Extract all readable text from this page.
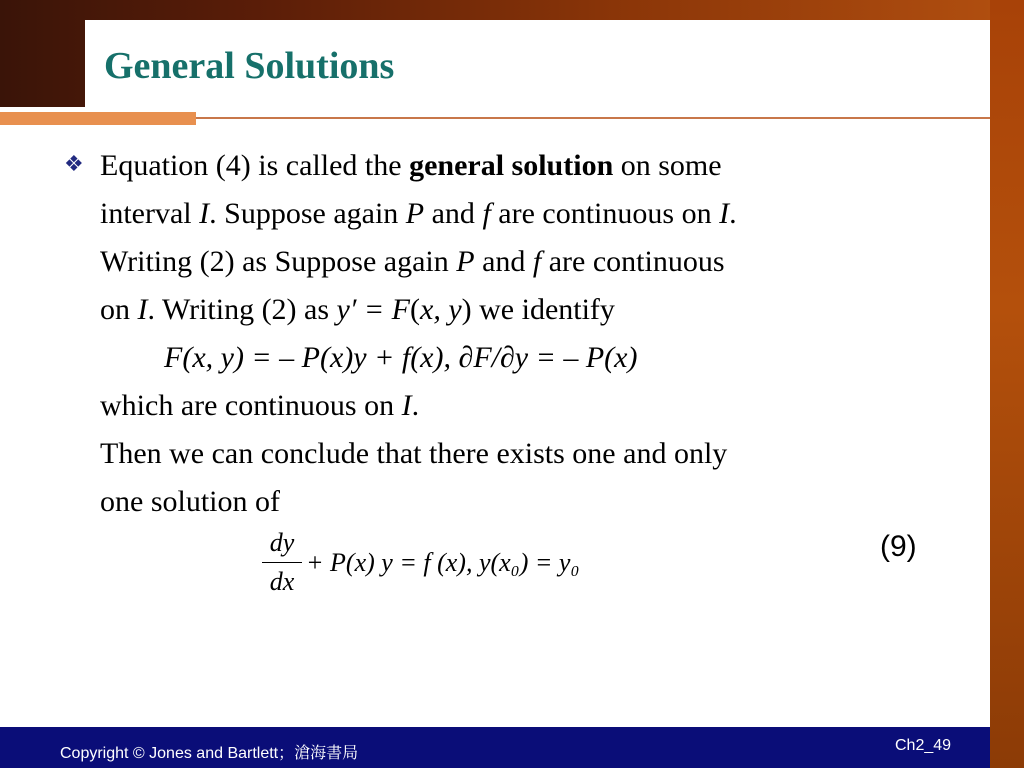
General Solutions
❖ Equation (4) is called the general solution on some
interval I. Suppose again P and f are continuous on I.
Writing (2) as Suppose again P and f are continuous
on I. Writing (2) as y′ = F(x, y) we identify
F(x, y) = – P(x)y + f(x), ∂F/∂y = – P(x)
which are continuous on I.
Then we can conclude that there exists one and only
one solution of
dy
dx
+ P(x) y = f (x), y(x₀) = y₀	(9)
Copyright © Jones and Bartlett；滄海書局	Ch2_49
